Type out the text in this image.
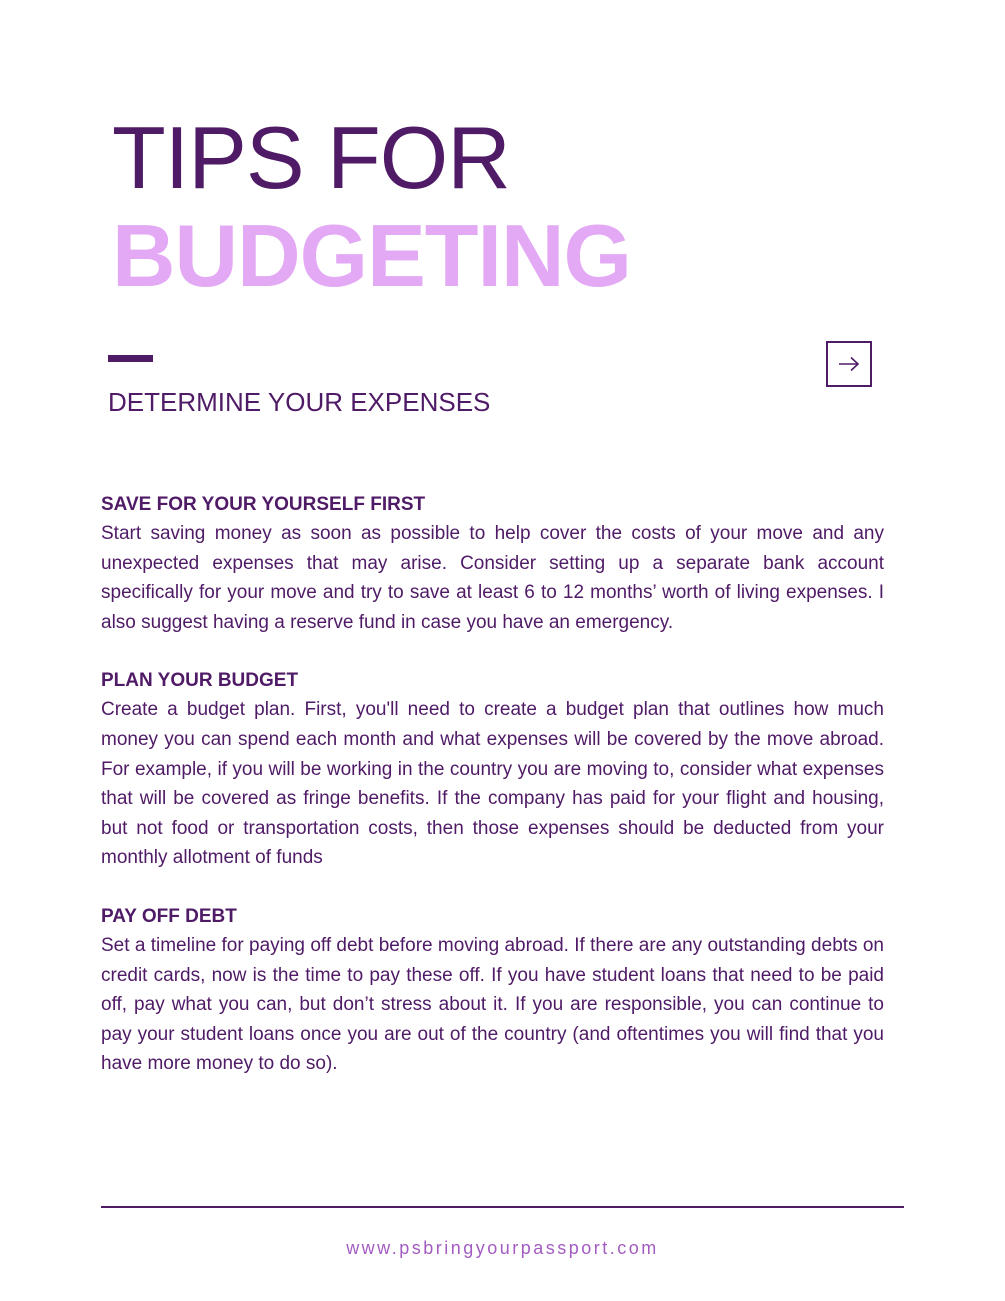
TIPS FOR
BUDGETING
DETERMINE YOUR EXPENSES
SAVE FOR YOUR YOURSELF FIRST

Start saving money as soon as possible to help cover the costs of your move and any unexpected expenses that may arise. Consider setting up a separate bank account specifically for your move and try to save at least 6 to 12 months’ worth of living expenses. I also suggest having a reserve fund in case you have an emergency.

PLAN YOUR BUDGET

Create a budget plan. First, you'll need to create a budget plan that outlines how much money you can spend each month and what expenses will be covered by the move abroad. For example, if you will be working in the country you are moving to, consider what expenses that will be covered as fringe benefits. If the company has paid for your flight and housing, but not food or transportation costs, then those expenses should be deducted from your monthly allotment of funds

PAY OFF DEBT

Set a timeline for paying off debt before moving abroad. If there are any outstanding debts on credit cards, now is the time to pay these off. If you have student loans that need to be paid off, pay what you can, but don’t stress about it. If you are responsible, you can continue to pay your student loans once you are out of the country (and oftentimes you will find that you have more money to do so).

www.psbringyourpassport.com
